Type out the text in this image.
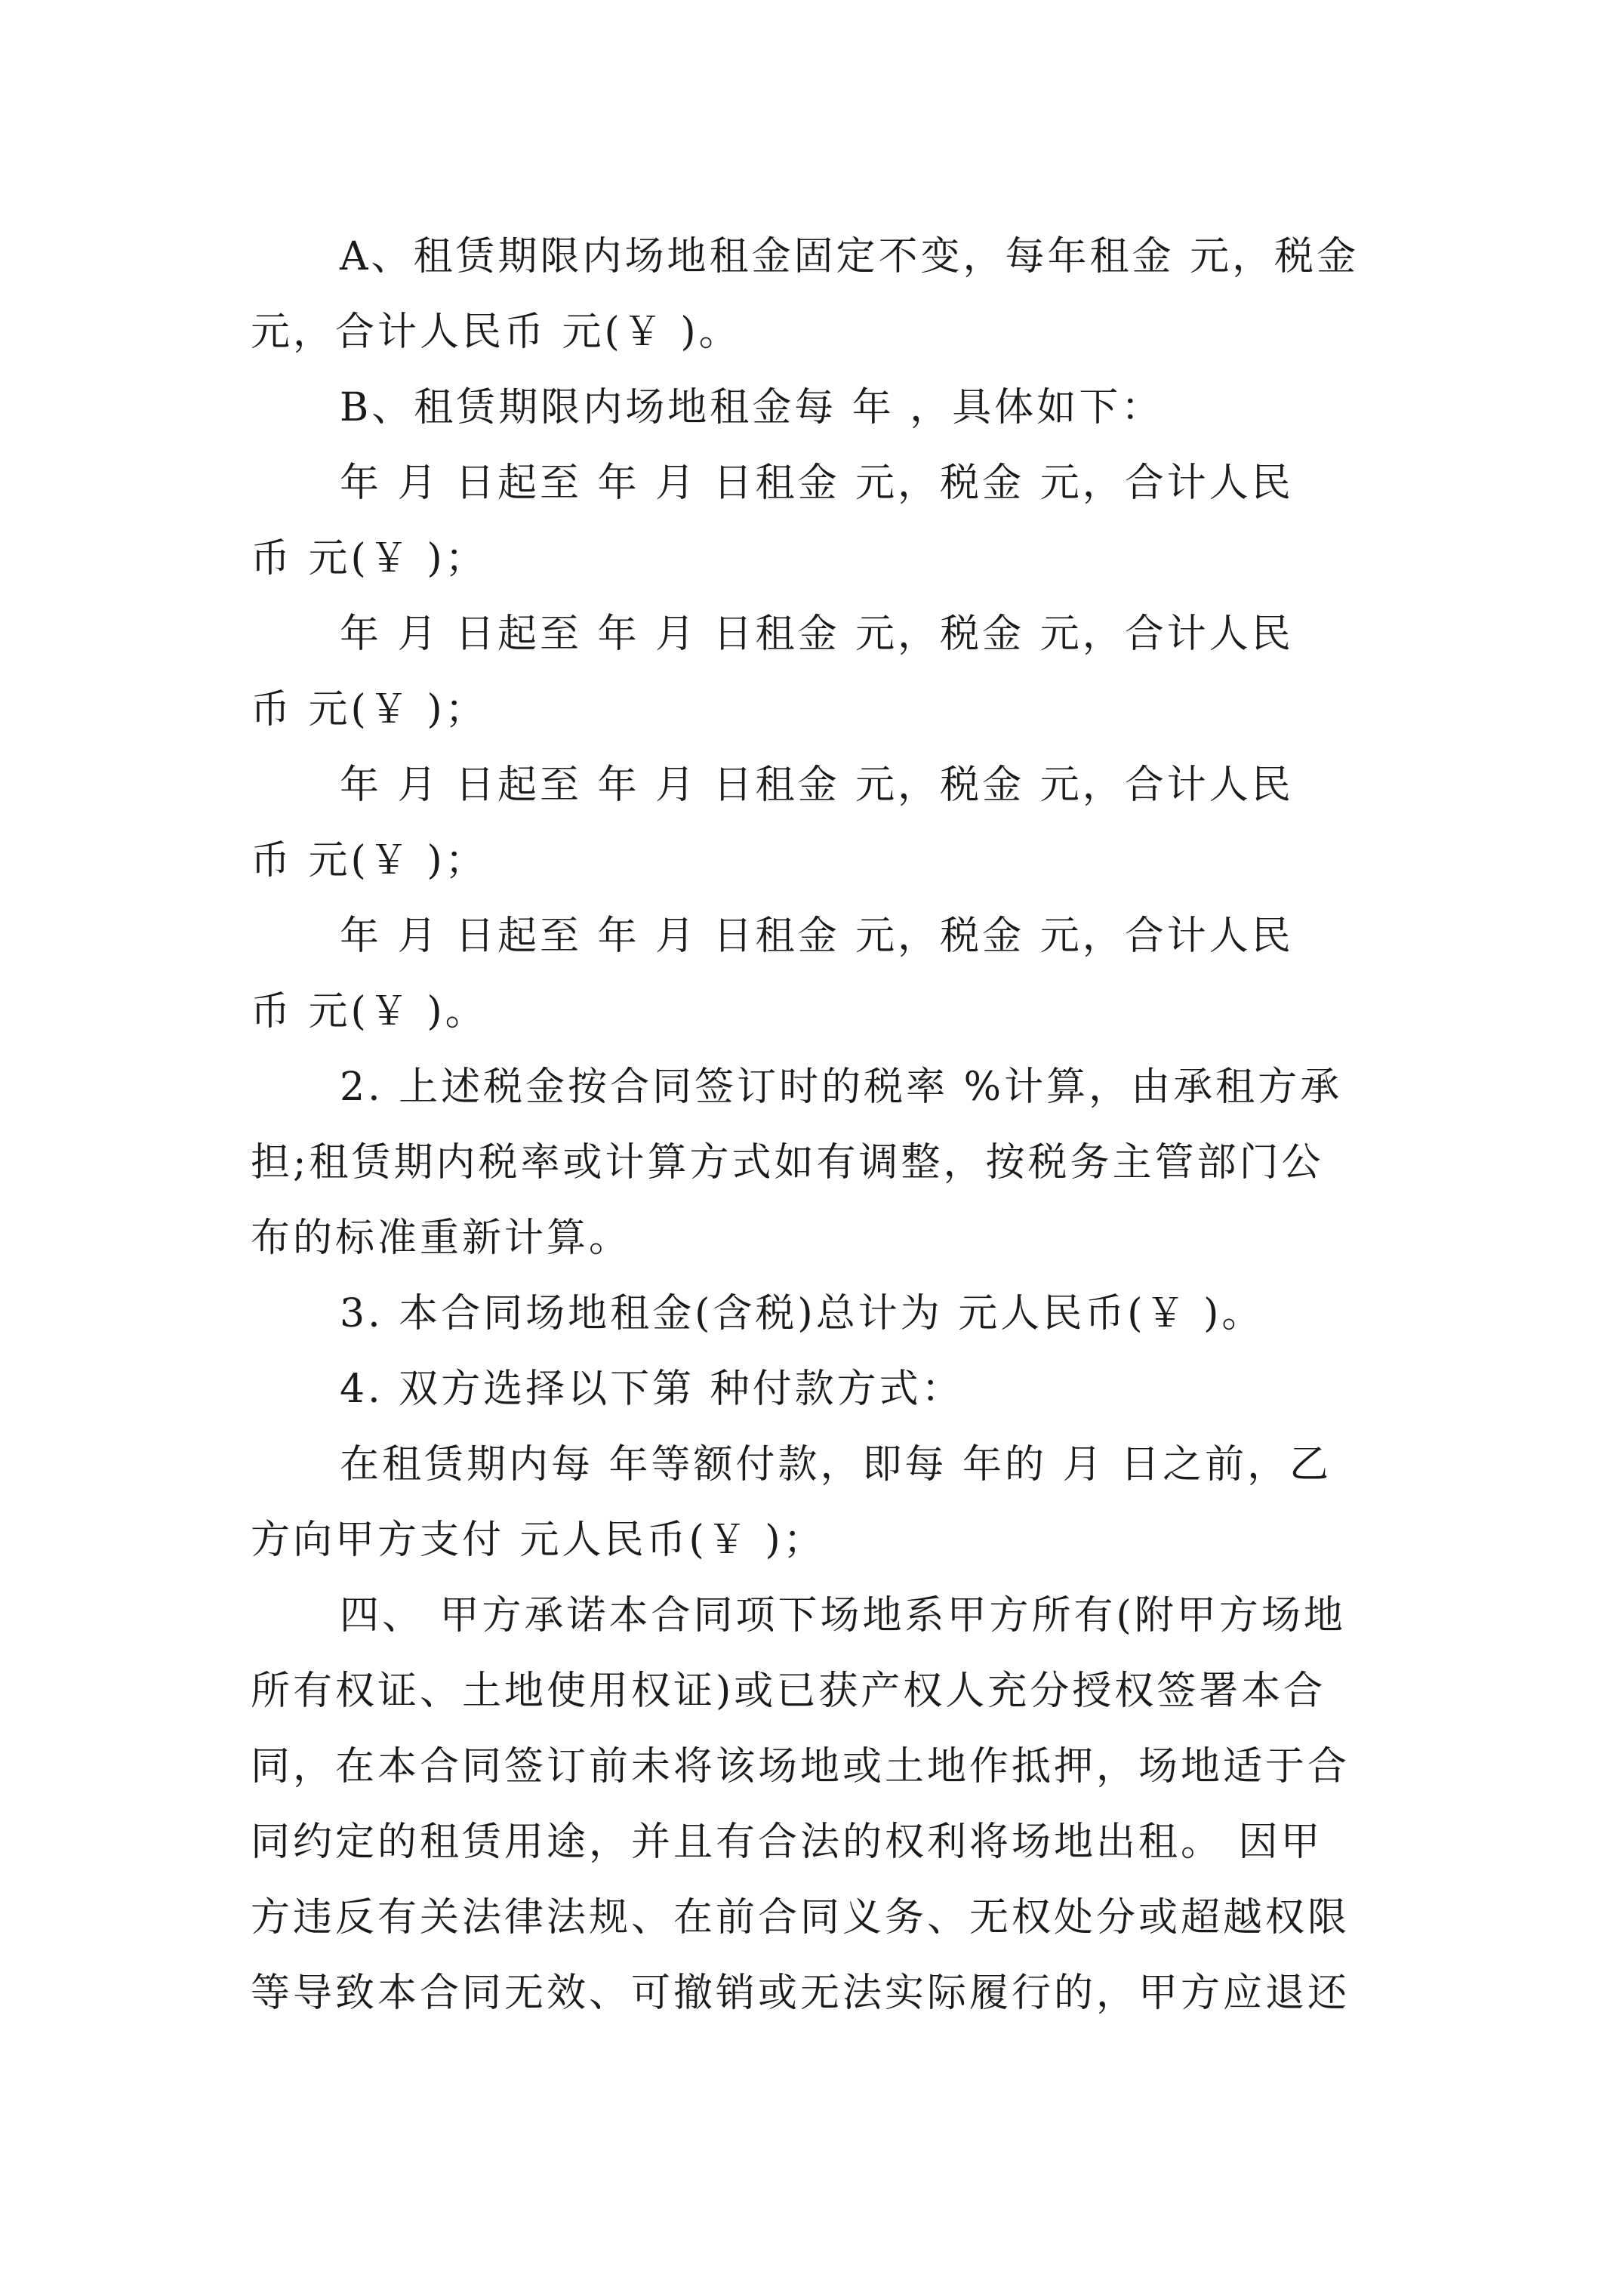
A、租赁期限内场地租金固定不变，每年租金 元，税金
元，合计人民币 元(￥ )。
B、租赁期限内场地租金每 年 ，具体如下：
年 月 日起至 年 月 日租金 元，税金 元，合计人民
币 元(￥ )；
年 月 日起至 年 月 日租金 元，税金 元，合计人民
币 元(￥ )；
年 月 日起至 年 月 日租金 元，税金 元，合计人民
币 元(￥ )；
年 月 日起至 年 月 日租金 元，税金 元，合计人民
币 元(￥ )。
2. 上述税金按合同签订时的税率 %计算，由承租方承
担;租赁期内税率或计算方式如有调整，按税务主管部门公
布的标准重新计算。
3. 本合同场地租金(含税)总计为 元人民币(￥ )。
4. 双方选择以下第 种付款方式：
在租赁期内每 年等额付款，即每 年的 月 日之前，乙
方向甲方支付 元人民币(￥ )；
四、 甲方承诺本合同项下场地系甲方所有(附甲方场地
所有权证、土地使用权证)或已获产权人充分授权签署本合
同，在本合同签订前未将该场地或土地作抵押，场地适于合
同约定的租赁用途，并且有合法的权利将场地出租。 因甲
方违反有关法律法规、在前合同义务、无权处分或超越权限
等导致本合同无效、可撤销或无法实际履行的，甲方应退还
